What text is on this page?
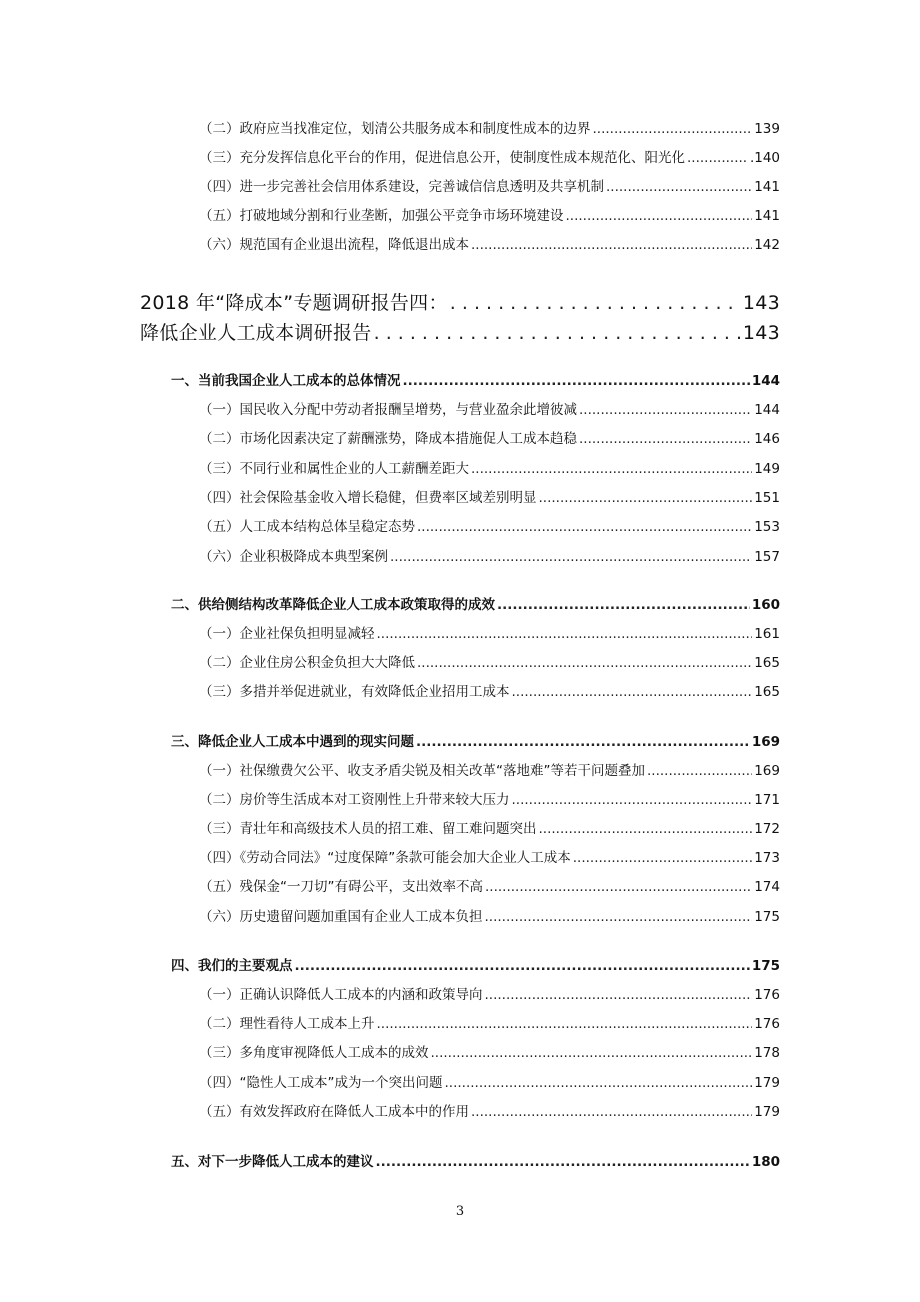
（二）政府应当找准定位，划清公共服务成本和制度性成本的边界 .....	139
（三）充分发挥信息化平台的作用，促进信息公开，使制度性成本规范化、阳光化 .....	.140
（四）进一步完善社会信用体系建设，完善诚信信息透明及共享机制 .....	141
（五）打破地域分割和行业垄断，加强公平竞争市场环境建设 .....	141
（六）规范国有企业退出流程，降低退出成本 .....	142
2018 年“降成本”专题调研报告四： . . .	143
降低企业人工成本调研报告 . . .	143
一、当前我国企业人工成本的总体情况 .....	144
（一）国民收入分配中劳动者报酬呈增势，与营业盈余此增彼减 .....	144
（二）市场化因素决定了薪酬涨势，降成本措施促人工成本趋稳 .....	146
（三）不同行业和属性企业的人工薪酬差距大 .....	149
（四）社会保险基金收入增长稳健，但费率区域差别明显 .....	151
（五）人工成本结构总体呈稳定态势 .....	153
（六）企业积极降成本典型案例 .....	157
二、供给侧结构改革降低企业人工成本政策取得的成效 .....	160
（一）企业社保负担明显减轻 .....	161
（二）企业住房公积金负担大大降低 .....	165
（三）多措并举促进就业，有效降低企业招用工成本 .....	165
三、降低企业人工成本中遇到的现实问题 .....	169
（一）社保缴费欠公平、收支矛盾尖锐及相关改革“落地难”等若干问题叠加 .....	169
（二）房价等生活成本对工资刚性上升带来较大压力 .....	171
（三）青壮年和高级技术人员的招工难、留工难问题突出 .....	172
（四）《劳动合同法》“过度保障”条款可能会加大企业人工成本 .....	173
（五）残保金“一刀切”有碍公平，支出效率不高 .....	174
（六）历史遗留问题加重国有企业人工成本负担 .....	175
四、我们的主要观点 .....	175
（一）正确认识降低人工成本的内涵和政策导向 .....	176
（二）理性看待人工成本上升 .....	176
（三）多角度审视降低人工成本的成效 .....	178
（四）“隐性人工成本”成为一个突出问题 .....	179
（五）有效发挥政府在降低人工成本中的作用 .....	179
五、对下一步降低人工成本的建议 .....	180
3
